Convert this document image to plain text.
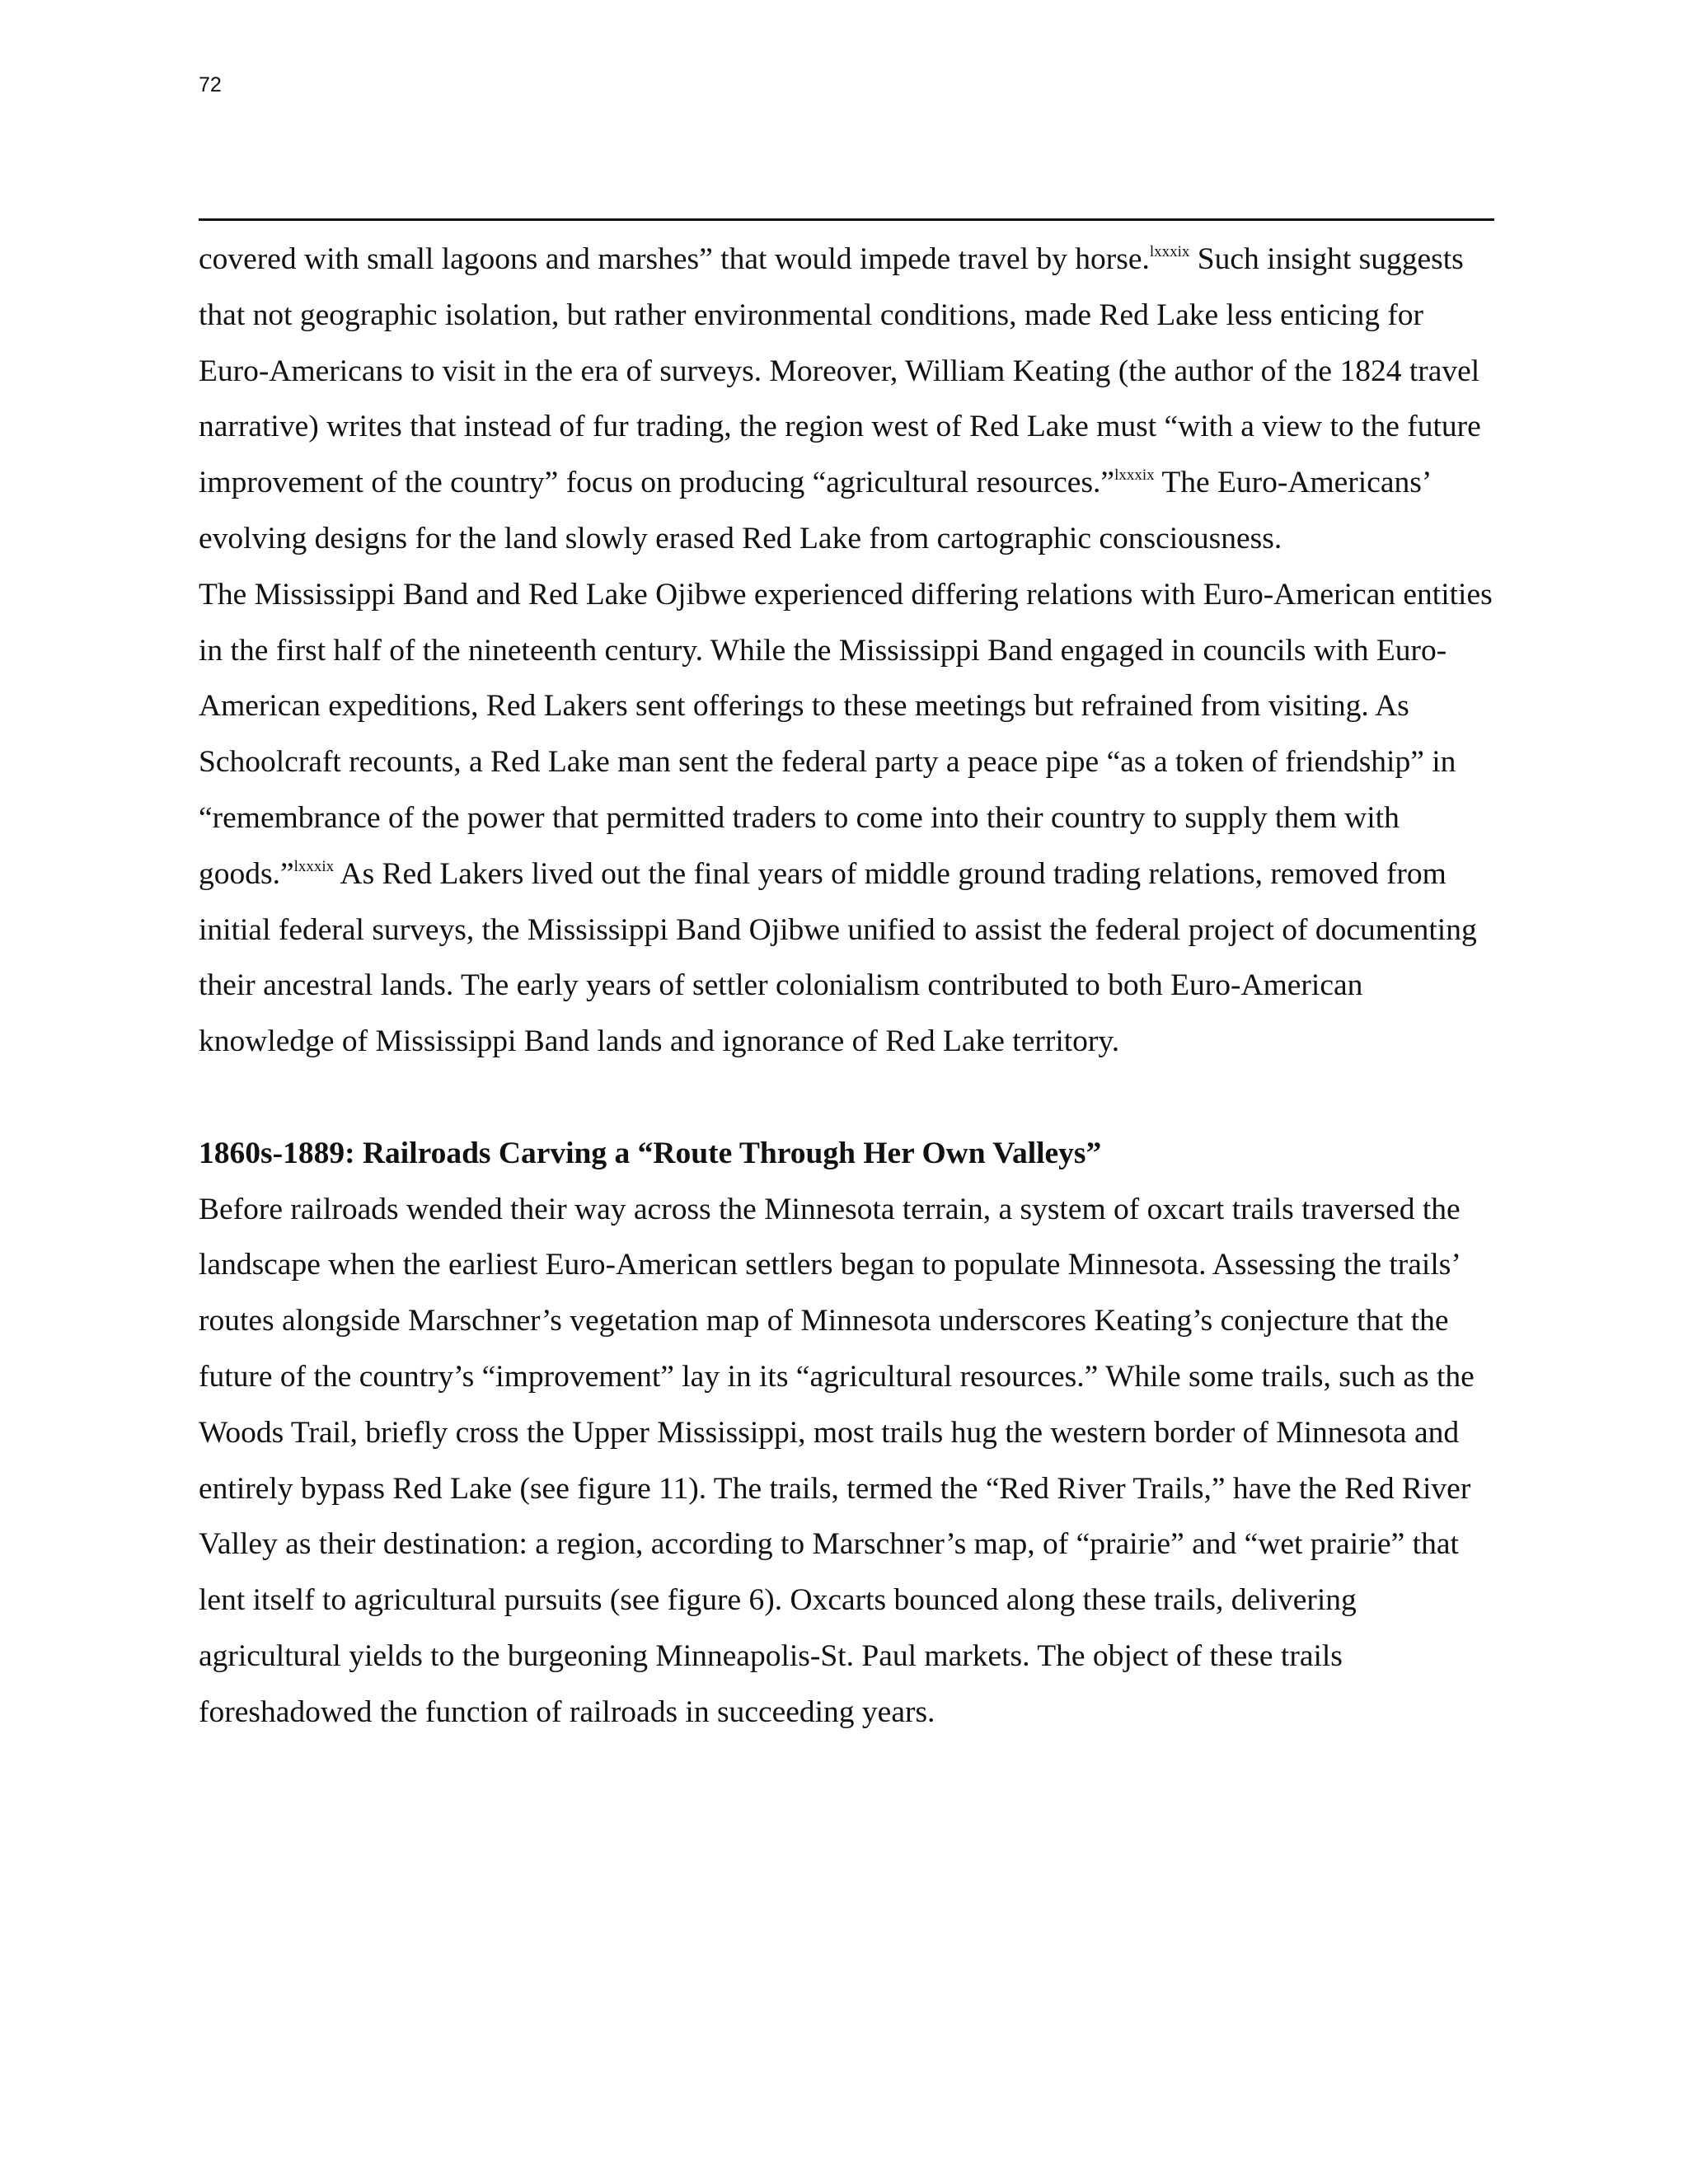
72

covered with small lagoons and marshes” that would impede travel by horse.$^{lxxxix}$ Such insight suggests that not geographic isolation, but rather environmental conditions, made Red Lake less enticing for Euro-Americans to visit in the era of surveys. Moreover, William Keating (the author of the 1824 travel narrative) writes that instead of fur trading, the region west of Red Lake must “with a view to the future improvement of the country” focus on producing “agricultural resources.”$^{lxxxix}$ The Euro-Americans’ evolving designs for the land slowly erased Red Lake from cartographic consciousness.

The Mississippi Band and Red Lake Ojibwe experienced differing relations with Euro-American entities in the first half of the nineteenth century. While the Mississippi Band engaged in councils with Euro-American expeditions, Red Lakers sent offerings to these meetings but refrained from visiting. As Schoolcraft recounts, a Red Lake man sent the federal party a peace pipe “as a token of friendship” in “remembrance of the power that permitted traders to come into their country to supply them with goods.”$^{lxxxix}$ As Red Lakers lived out the final years of middle ground trading relations, removed from initial federal surveys, the Mississippi Band Ojibwe unified to assist the federal project of documenting their ancestral lands. The early years of settler colonialism contributed to both Euro-American knowledge of Mississippi Band lands and ignorance of Red Lake territory.

1860s-1889: Railroads Carving a “Route Through Her Own Valleys”

Before railroads wended their way across the Minnesota terrain, a system of oxcart trails traversed the landscape when the earliest Euro-American settlers began to populate Minnesota. Assessing the trails’ routes alongside Marschner’s vegetation map of Minnesota underscores Keating’s conjecture that the future of the country’s “improvement” lay in its “agricultural resources.” While some trails, such as the Woods Trail, briefly cross the Upper Mississippi, most trails hug the western border of Minnesota and entirely bypass Red Lake (see figure 11). The trails, termed the “Red River Trails,” have the Red River Valley as their destination: a region, according to Marschner’s map, of “prairie” and “wet prairie” that lent itself to agricultural pursuits (see figure 6). Oxcarts bounced along these trails, delivering agricultural yields to the burgeoning Minneapolis-St. Paul markets. The object of these trails foreshadowed the function of railroads in succeeding years.
